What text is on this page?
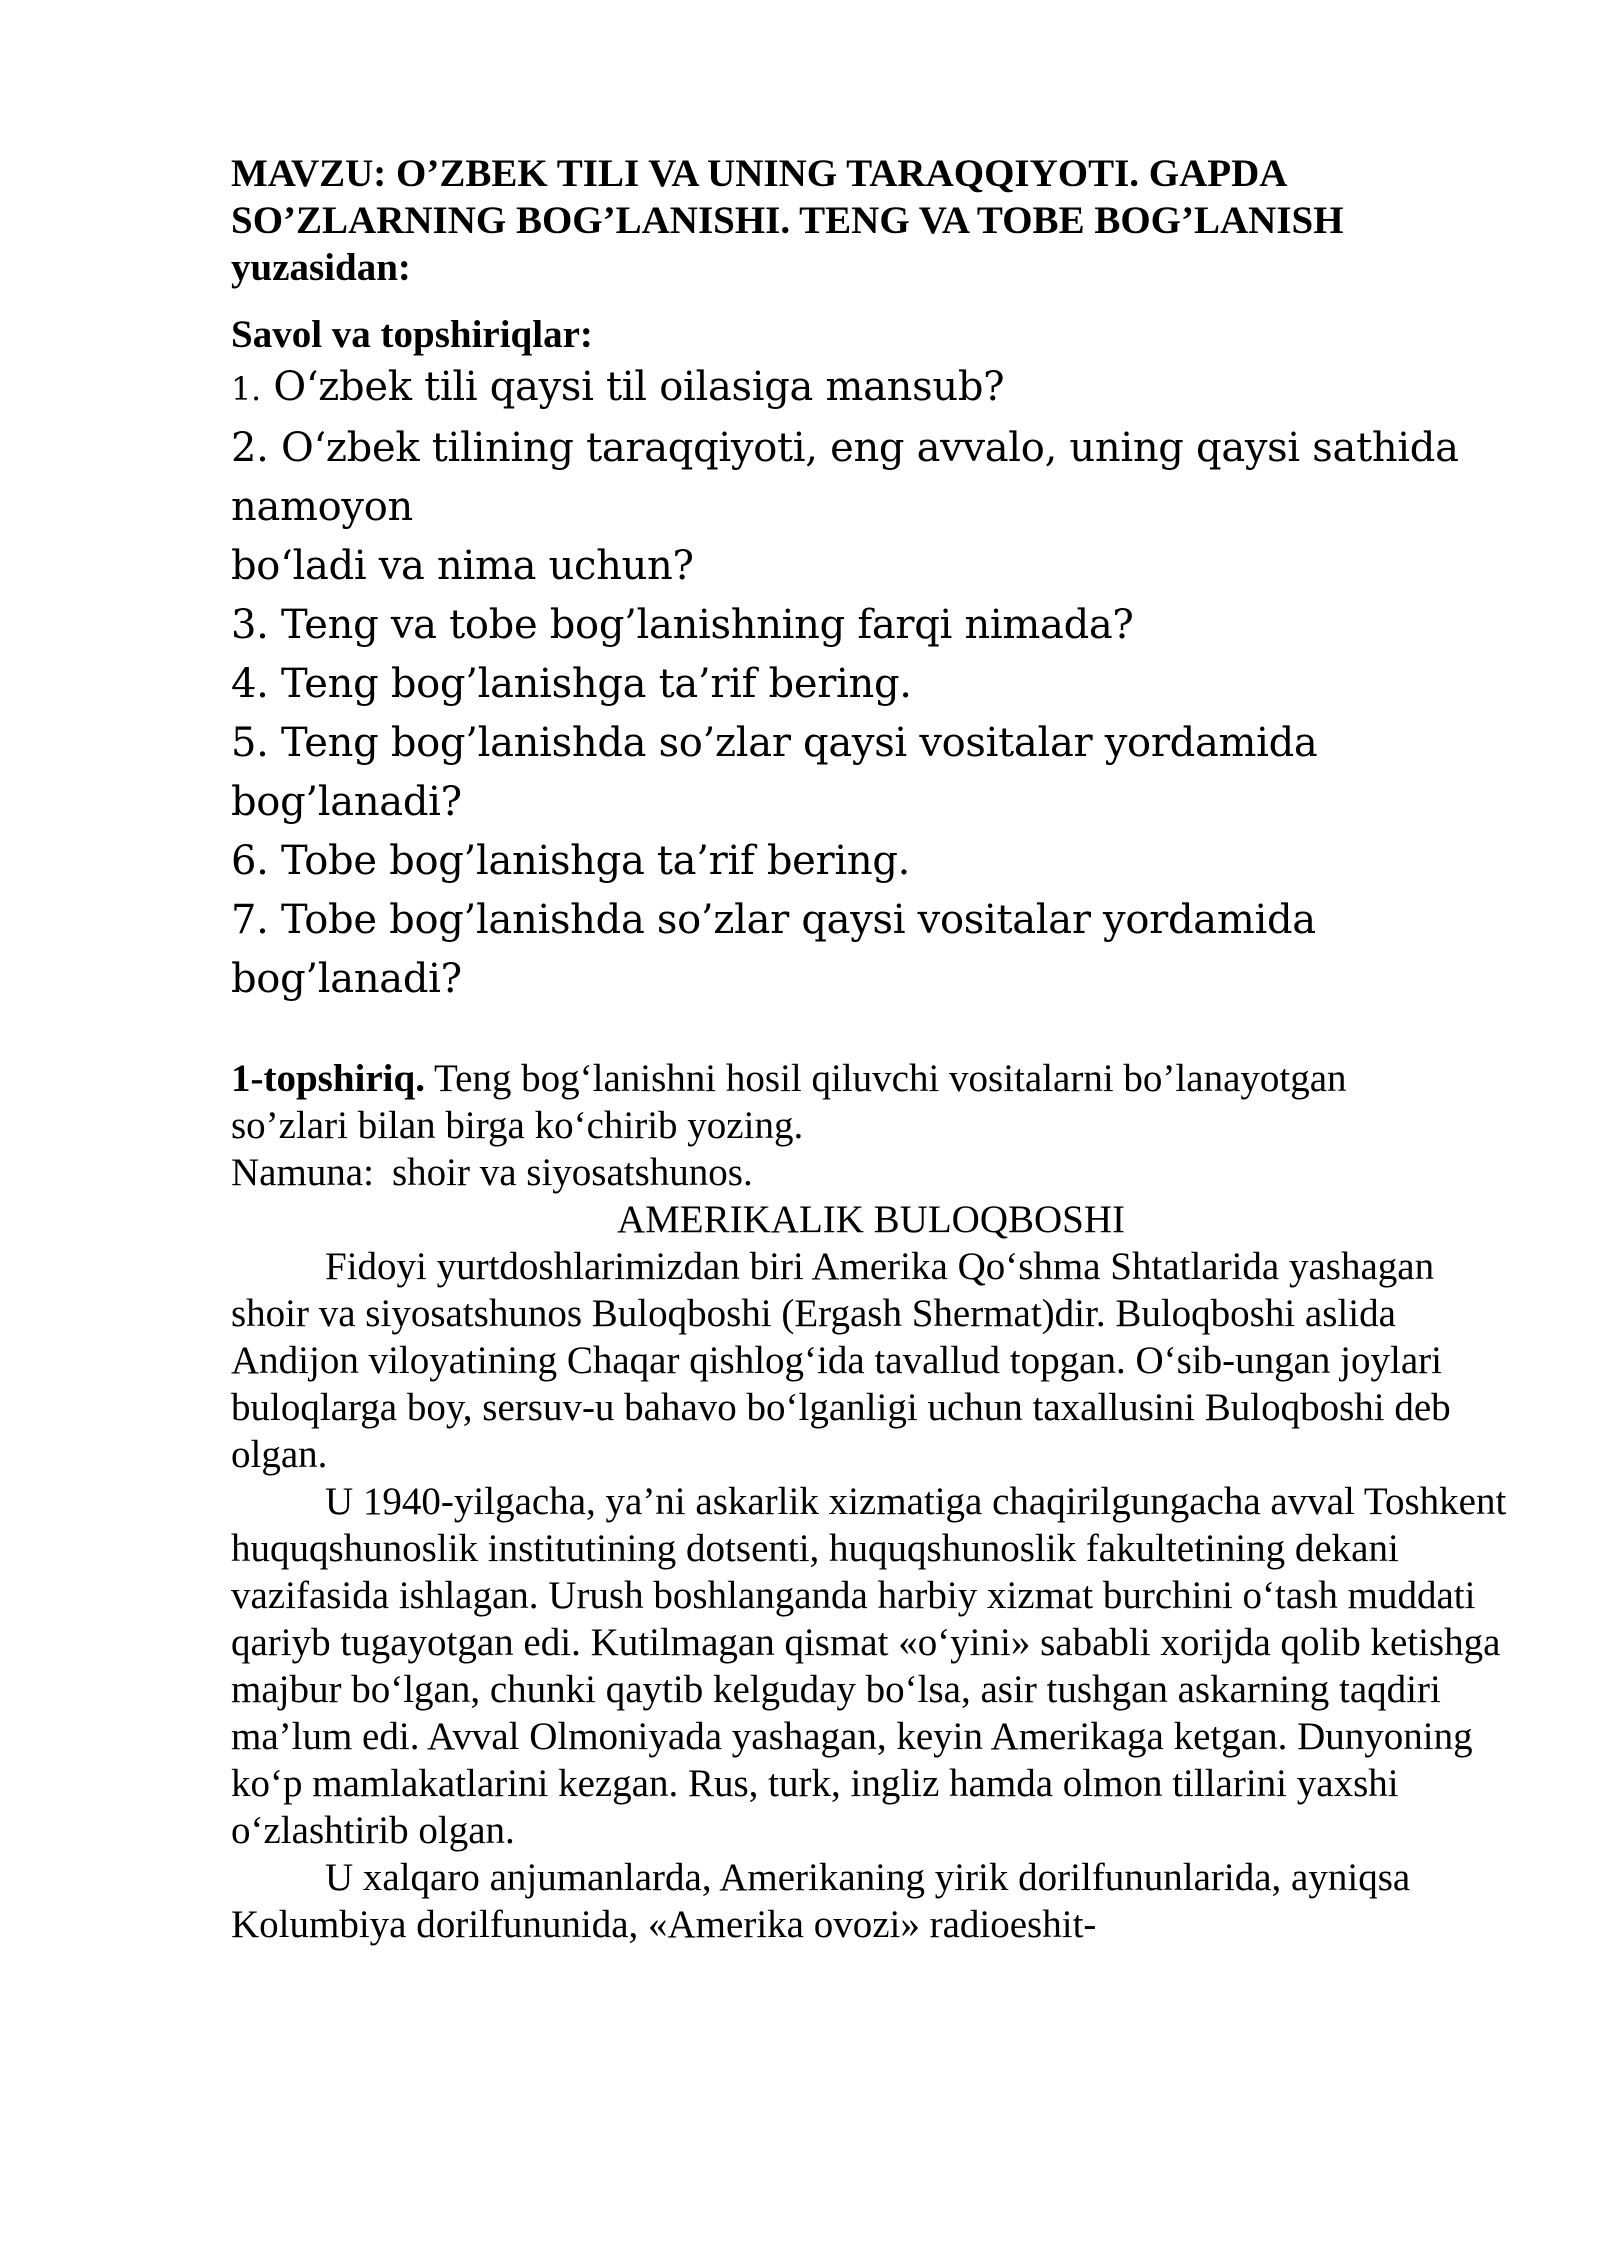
MAVZU: O’ZBEK TILI VA UNING TARAQQIYOTI. GAPDA
SO’ZLARNING BOG’LANISHI. TENG VA TOBE BOG’LANISH
yuzasidan:
Savol va topshiriqlar:
1. O‘zbek tili qaysi til oilasiga mansub?
2. O‘zbek tilining taraqqiyoti, eng avvalo, uning qaysi sathida
namoyon
bo‘ladi va nima uchun?
3. Teng va tobe bog’lanishning farqi nimada?
4. Teng bog’lanishga ta’rif bering.
5. Teng bog’lanishda so’zlar qaysi vositalar yordamida
bog’lanadi?
6. Tobe bog’lanishga ta’rif bering.
7. Tobe bog’lanishda so’zlar qaysi vositalar yordamida
bog’lanadi?
1-topshiriq. Teng bog‘lanishni hosil qiluvchi vositalarni bo’lanayotgan
so’zlari bilan birga ko‘chirib yozing.
Namuna: shoir va siyosatshunos.
AMERIKALIK BULOQBOSHI

Fidoyi yurtdoshlarimizdan biri Amerika Qo‘shma Shtatlarida yashagan shoir va siyosatshunos Buloqboshi (Ergash Shermat)dir. Buloqboshi aslida Andijon viloyatining Chaqar qishlog‘ida tavallud topgan. O‘sib-ungan joylari buloqlarga boy, sersuv-u bahavo bo‘lganligi uchun taxallusini Buloqboshi deb olgan.

U 1940-yilgacha, ya’ni askarlik xizmatiga chaqirilgungacha avval Toshkent huquqshunoslik institutining dotsenti, huquqshunoslik fakultetining dekani vazifasida ishlagan. Urush boshlanganda harbiy xizmat burchini o‘tash muddati qariyb tugayotgan edi. Kutilmagan qismat «o‘yini» sababli xorijda qolib ketishga majbur bo‘lgan, chunki qaytib kelguday bo‘lsa, asir tushgan askarning taqdiri ma’lum edi. Avval Olmoniyada yashagan, keyin Amerikaga ketgan. Dunyoning ko‘p mamlakatlarini kezgan. Rus, turk, ingliz hamda olmon tillarini yaxshi o‘zlashtirib olgan.

U xalqaro anjumanlarda, Amerikaning yirik dorilfununlarida, ayniqsa Kolumbiya dorilfununida, «Amerika ovozi» radioeshit-
